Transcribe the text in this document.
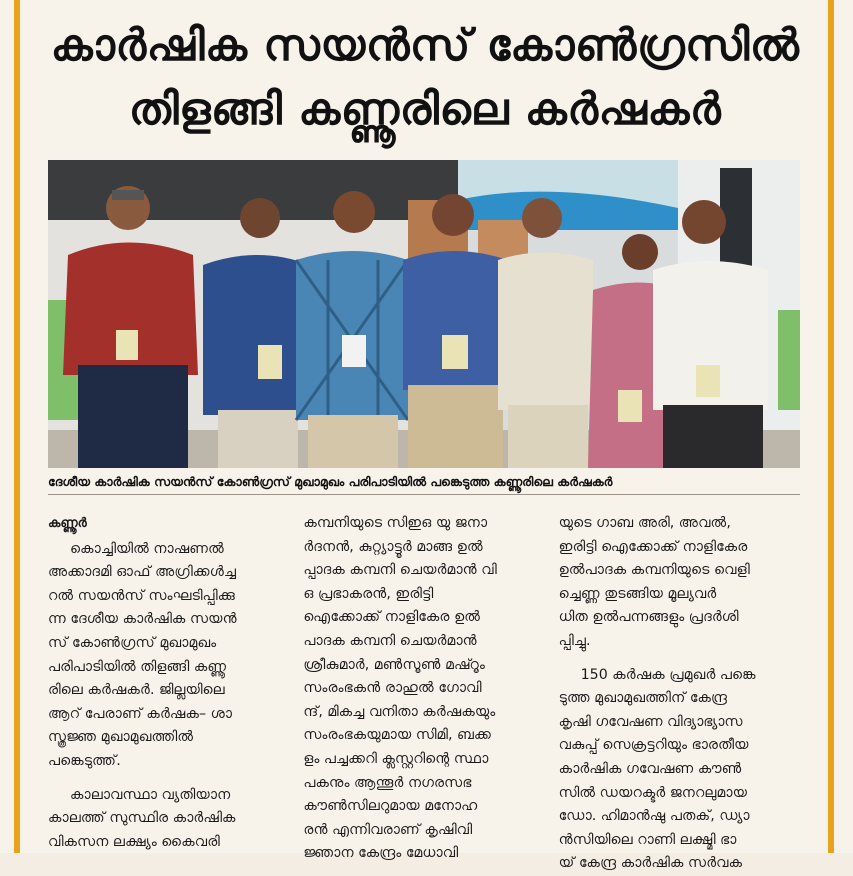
കാർഷിക സയൻസ് കോൺഗ്രസിൽ
തിളങ്ങി കണ്ണൂരിലെ കർഷകർ
ദേശീയ കാർഷിക സയൻസ് കോൺഗ്രസ് മുഖാമുഖം പരിപാടിയിൽ പങ്കെടുത്ത കണ്ണൂരിലെ കർഷകർ

കണ്ണൂർ

കൊച്ചിയിൽ നാഷണൽ

അക്കാദമി ഓഫ് അഗ്രിക്കൾച്ച

റൽ സയൻസ് സംഘടിപ്പിക്കു

ന്ന ദേശീയ കാർഷിക സയൻ

സ് കോൺഗ്രസ് മുഖാമുഖം

പരിപാടിയിൽ തിളങ്ങി കണ്ണൂ

രിലെ കർഷകർ. ജില്ലയിലെ

ആറ് പേരാണ് കർഷക– ശാ

സ്ത്രജ്ഞ മുഖാമുഖത്തിൽ

പങ്കെടുത്ത്.

കാലാവസ്ഥാ വ്യതിയാന

കാലത്ത് സുസ്ഥിര കാർഷിക

വികസന ലക്ഷ്യം കൈവരി

കമ്പനിയുടെ സിഇഒ യു ജനാ

ർദനൻ, കുറ്റ്യാട്ടൂർ മാങ്ങ ഉൽ

പ്പാദക കമ്പനി ചെയർമാൻ വി

ഒ പ്രഭാകരൻ, ഇരിട്ടി

ഐക്കോക്ക് നാളികേര ഉൽ

പാദക കമ്പനി ചെയർമാൻ

ശ്രീകുമാർ, മൺസൂൺ മഷ്റൂം

സംരംഭകൻ രാഹുൽ ഗോവി

ന്ദ്, മികച്ച വനിതാ കർഷകയും

സംരംഭകയുമായ സിമി, ബക്ക

ളം പച്ചക്കറി ക്ലസ്റ്ററിന്റെ സ്ഥാ

പകനും ആന്തൂർ നഗരസഭ

കൗൺസിലറുമായ മനോഹ

രൻ എന്നിവരാണ് കൃഷിവി

ജ്ഞാന കേന്ദ്രം മേധാവി

യുടെ ഗാബ അരി, അവൽ,

ഇരിട്ടി ഐക്കോക്ക് നാളികേര

ഉൽപാദക കമ്പനിയുടെ വെളി

ച്ചെണ്ണ തുടങ്ങിയ മൂല്യവർ

ധിത ഉൽപന്നങ്ങളും പ്രദർശി

പ്പിച്ചു.

150 കർഷക പ്രമുഖർ പങ്കെ

ടുത്ത മുഖാമുഖത്തിന് കേന്ദ്ര

കൃഷി ഗവേഷണ വിദ്യാഭ്യാസ

വകുപ്പ് സെക്രട്ടറിയും ഭാരതീയ

കാർഷിക ഗവേഷണ കൗൺ

സിൽ ഡയറക്ടർ ജനറലുമായ

ഡോ. ഹിമാൻഷു പതക്, ഡ്യാ

ൻസിയിലെ റാണി ലക്ഷ്മി ഭാ

യ് കേന്ദ്ര കാർഷിക സർവക
